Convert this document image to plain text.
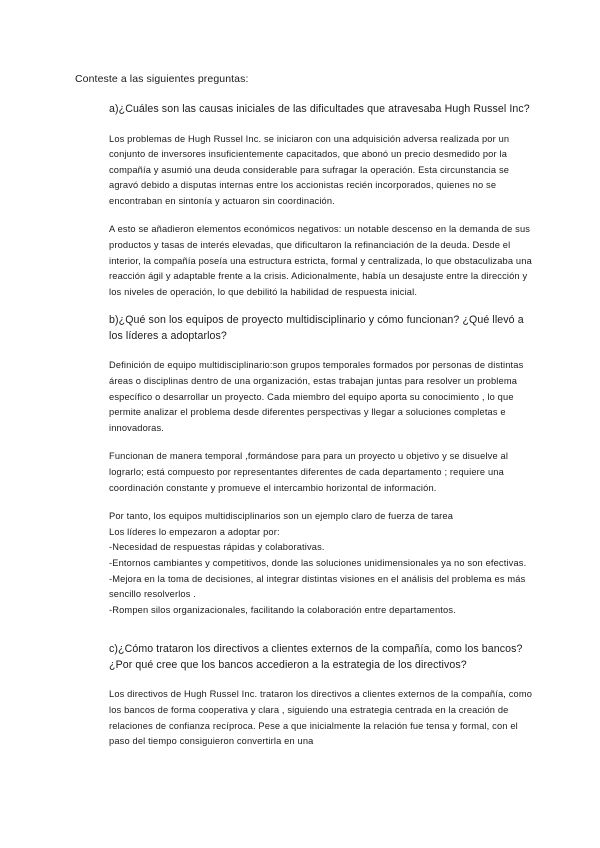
Conteste a las siguientes preguntas:

a)¿Cuáles son las causas iniciales de las dificultades que atravesaba Hugh Russel Inc?

Los problemas de Hugh Russel Inc. se iniciaron con una adquisición adversa realizada por un conjunto de inversores insuficientemente capacitados, que abonó un precio desmedido por la compañía y asumió una deuda considerable para sufragar la operación. Esta circunstancia se agravó debido a disputas internas entre los accionistas recién incorporados, quienes no se encontraban en sintonía y actuaron sin coordinación.

A esto se añadieron elementos económicos negativos: un notable descenso en la demanda de sus productos y tasas de interés elevadas, que dificultaron la refinanciación de la deuda. Desde el interior, la compañía poseía una estructura estricta, formal y centralizada, lo que obstaculizaba una reacción ágil y adaptable frente a la crisis. Adicionalmente, había un desajuste entre la dirección y los niveles de operación, lo que debilitó la habilidad de respuesta inicial.

b)¿Qué son los equipos de proyecto multidisciplinario y cómo funcionan? ¿Qué llevó a los líderes a adoptarlos?

Definición de equipo multidisciplinario:son grupos temporales formados por personas de distintas áreas o disciplinas dentro de una organización, estas trabajan juntas para resolver un problema específico o desarrollar un proyecto. Cada miembro del equipo aporta su conocimiento , lo que permite analizar el problema desde diferentes perspectivas y llegar a soluciones completas e innovadoras.

Funcionan de manera temporal ,formándose para para un proyecto u objetivo y se disuelve al lograrlo; está compuesto por representantes diferentes de cada departamento ; requiere una coordinación constante y promueve el intercambio horizontal de información.

Por tanto, los equipos multidisciplinarios son un ejemplo claro de fuerza de tarea

Los líderes lo empezaron a adoptar por:

-Necesidad de respuestas rápidas y colaborativas.

-Entornos cambiantes y competitivos, donde las soluciones unidimensionales ya no son efectivas.

-Mejora en la toma de decisiones, al integrar distintas visiones en el análisis del problema es más sencillo resolverlos .

-Rompen silos organizacionales, facilitando la colaboración entre departamentos.

c)¿Cómo trataron los directivos a clientes externos de la compañía, como los bancos? ¿Por qué cree que los bancos accedieron a la estrategia de los directivos?

Los directivos de Hugh Russel Inc. trataron los directivos a clientes externos de la compañía, como los bancos de forma cooperativa y clara , siguiendo una estrategia centrada en la creación de relaciones de confianza recíproca. Pese a que inicialmente la relación fue tensa y formal, con el paso del tiempo consiguieron convertirla en una
